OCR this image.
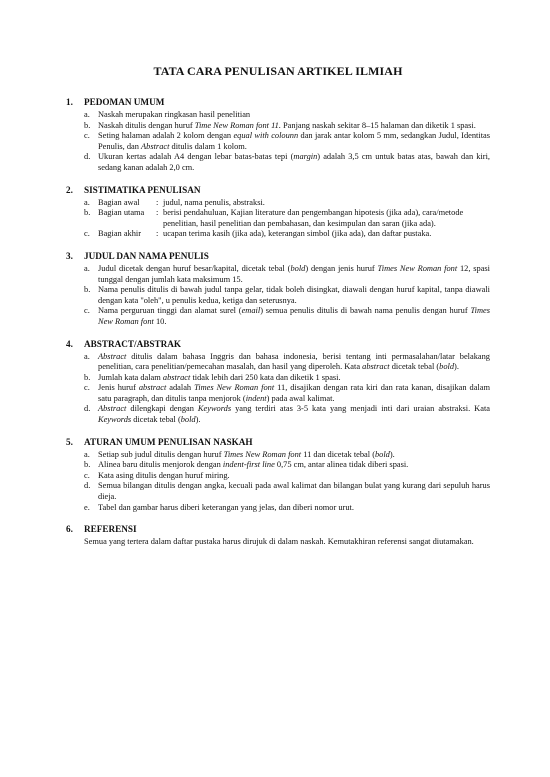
TATA CARA PENULISAN ARTIKEL ILMIAH
1.	PEDOMAN UMUM
a. Naskah merupakan ringkasan hasil penelitian
b. Naskah ditulis dengan huruf Time New Roman font 11. Panjang naskah sekitar 8–15 halaman dan diketik 1 spasi.
c. Seting halaman adalah 2 kolom dengan equal with colounn dan jarak antar kolom 5 mm, sedangkan Judul, Identitas Penulis, dan Abstract ditulis dalam 1 kolom.
d. Ukuran kertas adalah A4 dengan lebar batas-batas tepi (margin) adalah 3,5 cm untuk batas atas, bawah dan kiri, sedang kanan adalah 2,0 cm.
2.	SISTIMATIKA PENULISAN
a. Bagian awal	: judul, nama penulis, abstraksi.
b. Bagian utama	: berisi pendahuluan, Kajian literature dan pengembangan hipotesis (jika ada), cara/metode penelitian, hasil penelitian dan pembahasan, dan kesimpulan dan saran (jika ada).
c. Bagian akhir	: ucapan terima kasih (jika ada), keterangan simbol (jika ada), dan daftar pustaka.
3.	JUDUL DAN NAMA PENULIS
a. Judul dicetak dengan huruf besar/kapital, dicetak tebal (bold) dengan jenis huruf Times New Roman font 12, spasi tunggal dengan jumlah kata maksimum 15.
b. Nama penulis ditulis di bawah judul tanpa gelar, tidak boleh disingkat, diawali dengan huruf kapital, tanpa diawali dengan kata "oleh", u penulis kedua, ketiga dan seterusnya.
c. Nama perguruan tinggi dan alamat surel (email) semua penulis ditulis di bawah nama penulis dengan huruf Times New Roman font 10.
4.	ABSTRACT/ABSTRAK
a. Abstract ditulis dalam bahasa Inggris dan bahasa indonesia, berisi tentang inti permasalahan/latar belakang penelitian, cara penelitian/pemecahan masalah, dan hasil yang diperoleh. Kata abstract dicetak tebal (bold).
b. Jumlah kata dalam abstract tidak lebih dari 250 kata dan diketik 1 spasi.
c. Jenis huruf abstract adalah Times New Roman font 11, disajikan dengan rata kiri dan rata kanan, disajikan dalam satu paragraph, dan ditulis tanpa menjorok (indent) pada awal kalimat.
d. Abstract dilengkapi dengan Keywords yang terdiri atas 3-5 kata yang menjadi inti dari uraian abstraksi. Kata Keywords dicetak tebal (bold).
5.	ATURAN UMUM PENULISAN NASKAH
a. Setiap sub judul ditulis dengan huruf Times New Roman font 11 dan dicetak tebal (bold).
b. Alinea baru ditulis menjorok dengan indent-first line 0,75 cm, antar alinea tidak diberi spasi.
c. Kata asing ditulis dengan huruf miring.
d. Semua bilangan ditulis dengan angka, kecuali pada awal kalimat dan bilangan bulat yang kurang dari sepuluh harus dieja.
e. Tabel dan gambar harus diberi keterangan yang jelas, dan diberi nomor urut.
6.	REFERENSI
Semua yang tertera dalam daftar pustaka harus dirujuk di dalam naskah. Kemutakhiran referensi sangat diutamakan.
